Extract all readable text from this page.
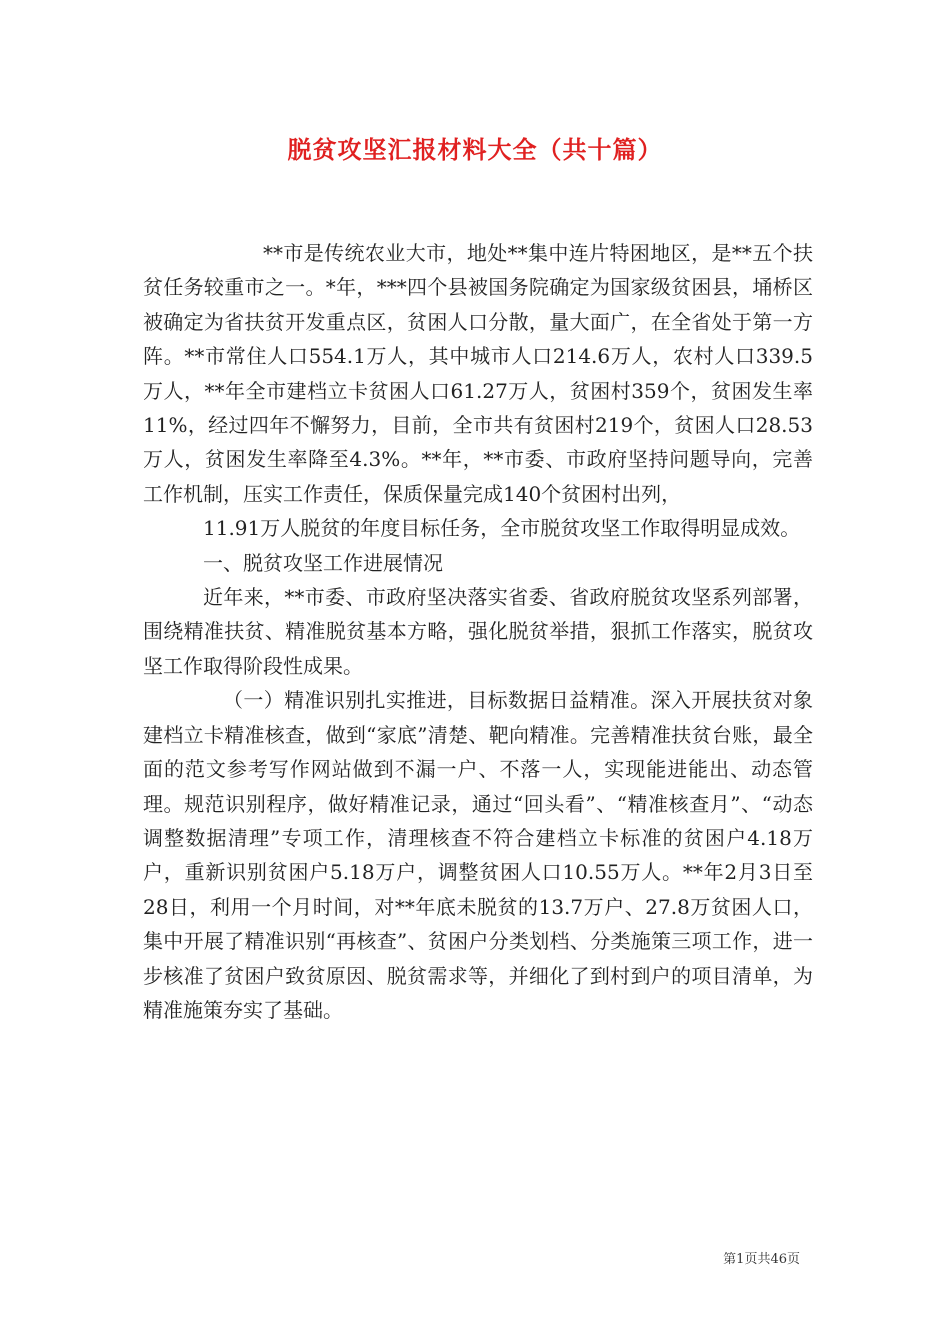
脱贫攻坚汇报材料大全（共十篇）

**市是传统农业大市，地处**集中连片特困地区，是**五个扶贫任务较重市之一。*年，***四个县被国务院确定为国家级贫困县，埇桥区被确定为省扶贫开发重点区，贫困人口分散，量大面广，在全省处于第一方阵。**市常住人口554.1万人，其中城市人口214.6万人，农村人口339.5万人，**年全市建档立卡贫困人口61.27万人，贫困村359个，贫困发生率11%，经过四年不懈努力，目前，全市共有贫困村219个，贫困人口28.53万人，贫困发生率降至4.3%。**年，**市委、市政府坚持问题导向，完善工作机制，压实工作责任，保质保量完成140个贫困村出列，

11.91万人脱贫的年度目标任务，全市脱贫攻坚工作取得明显成效。

一、脱贫攻坚工作进展情况

近年来，**市委、市政府坚决落实省委、省政府脱贫攻坚系列部署，围绕精准扶贫、精准脱贫基本方略，强化脱贫举措，狠抓工作落实，脱贫攻坚工作取得阶段性成果。

（一）精准识别扎实推进，目标数据日益精准。深入开展扶贫对象建档立卡精准核查，做到“家底”清楚、靶向精准。完善精准扶贫台账，最全面的范文参考写作网站做到不漏一户、不落一人，实现能进能出、动态管理。规范识别程序，做好精准记录，通过“回头看”、“精准核查月”、“动态调整数据清理”专项工作，清理核查不符合建档立卡标准的贫困户4.18万户，重新识别贫困户5.18万户，调整贫困人口10.55万人。**年2月3日至28日，利用一个月时间，对**年底未脱贫的13.7万户、27.8万贫困人口，集中开展了精准识别“再核查”、贫困户分类划档、分类施策三项工作，进一步核准了贫困户致贫原因、脱贫需求等，并细化了到村到户的项目清单，为精准施策夯实了基础。

第1页共46页
